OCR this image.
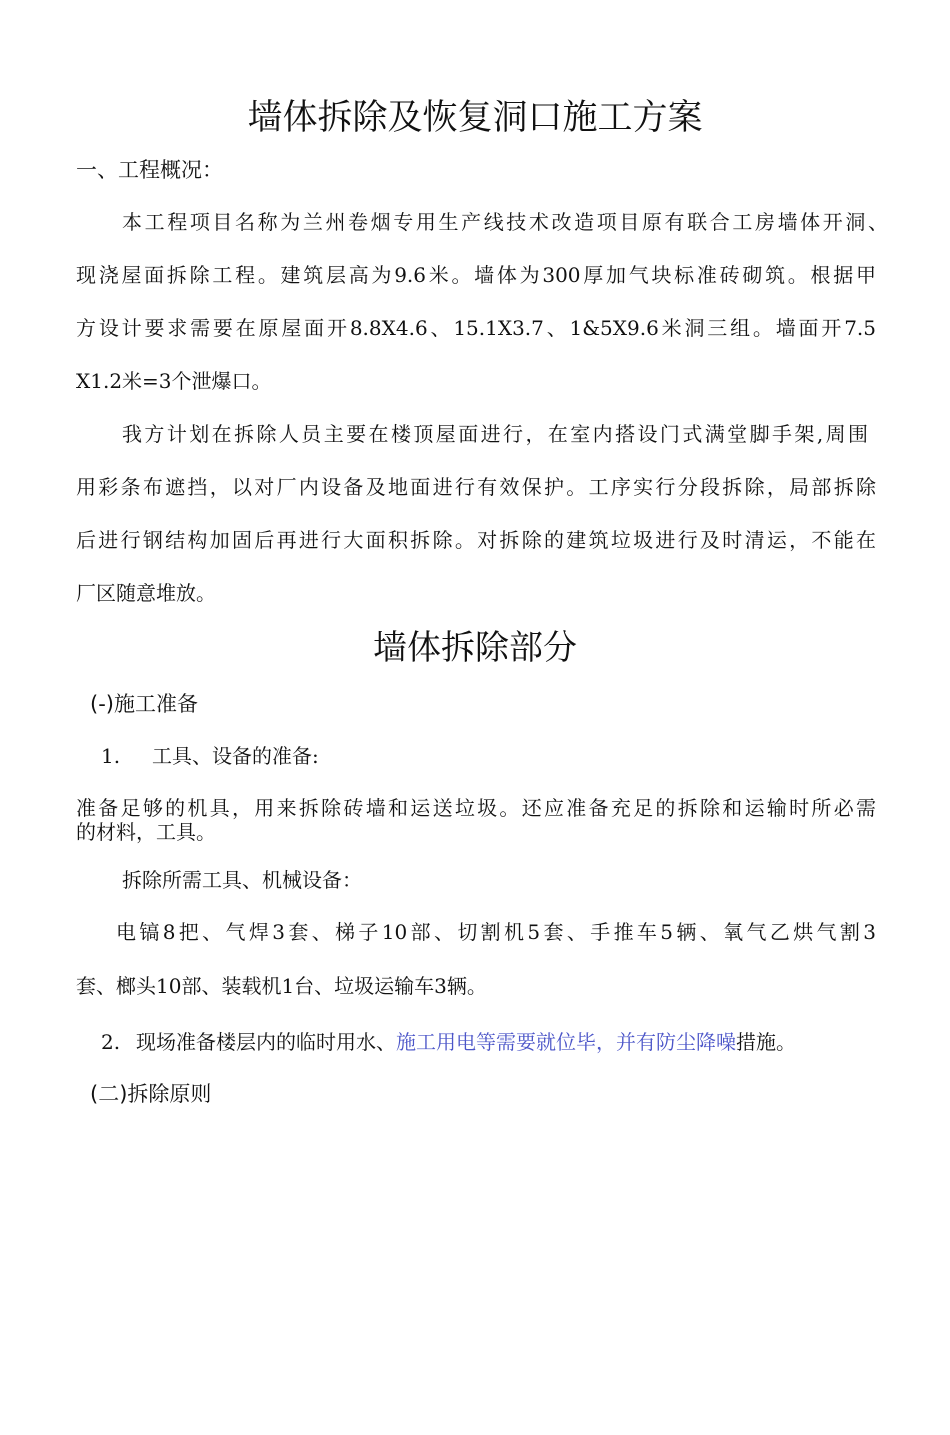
墙体拆除及恢复洞口施工方案
一、工程概况：
本工程项目名称为兰州卷烟专用生产线技术改造项目原有联合工房墙体开洞、
现浇屋面拆除工程。建筑层高为9.6米。墙体为300厚加气块标准砖砌筑。根据甲
方设计要求需要在原屋面开8.8X4.6、15.1X3.7、1&5X9.6米洞三组。墙面开7.5
X1.2米=3个泄爆口。
我方计划在拆除人员主要在楼顶屋面进行，在室内搭设门式满堂脚手架,周围
用彩条布遮挡，以对厂内设备及地面进行有效保护。工序实行分段拆除，局部拆除
后进行钢结构加固后再进行大面积拆除。对拆除的建筑垃圾进行及时清运，不能在
厂区随意堆放。
墙体拆除部分
(-)施工准备
1. 工具、设备的准备:
准备足够的机具，用来拆除砖墙和运送垃圾。还应准备充足的拆除和运输时所必需
的材料，工具。
拆除所需工具、机械设备：
电镐8把、气焊3套、梯子10部、切割机5套、手推车5辆、氧气乙烘气割3
套、榔头10部、装载机1台、垃圾运输车3辆。
2. 现场准备楼层内的临时用水、施工用电等需要就位毕，并有防尘降噪措施。
(二)拆除原则
